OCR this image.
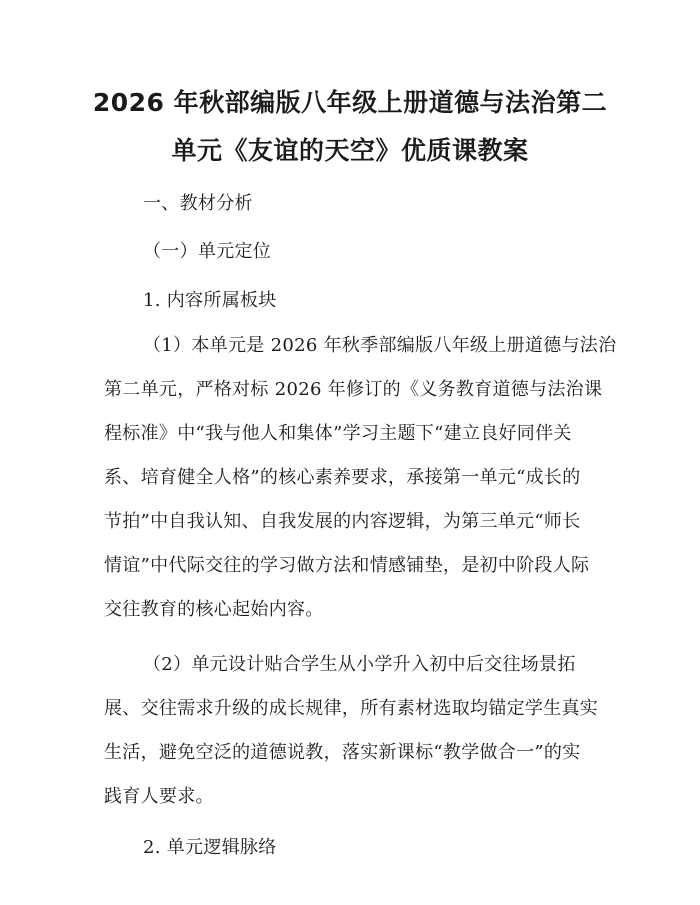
2026 年秋部编版八年级上册道德与法治第二
单元《友谊的天空》优质课教案
一、教材分析
（一）单元定位
1. 内容所属板块
（1）本单元是 2026 年秋季部编版八年级上册道德与法治
第二单元，严格对标 2026 年修订的《义务教育道德与法治课
程标准》中“我与他人和集体”学习主题下“建立良好同伴关
系、培育健全人格”的核心素养要求，承接第一单元“成长的
节拍”中自我认知、自我发展的内容逻辑，为第三单元“师长
情谊”中代际交往的学习做方法和情感铺垫，是初中阶段人际
交往教育的核心起始内容。
（2）单元设计贴合学生从小学升入初中后交往场景拓
展、交往需求升级的成长规律，所有素材选取均锚定学生真实
生活，避免空泛的道德说教，落实新课标“教学做合一”的实
践育人要求。
2. 单元逻辑脉络
